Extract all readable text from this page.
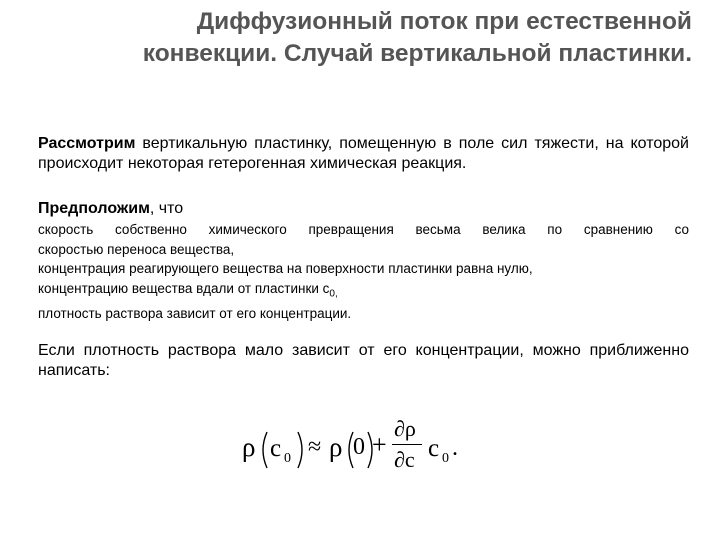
Диффузионный поток при естественной
конвекции. Случай вертикальной пластинки.
Рассмотрим вертикальную пластинку, помещенную в поле сил тяжести, на которой происходит некоторая гетерогенная химическая реакция.
Предположим, что
скорость собственно химического превращения весьма велика по сравнению со
скоростью переноса вещества,
концентрация реагирующего вещества на поверхности пластинки равна нулю,
концентрацию вещества вдали от пластинки $c_{0,}$
плотность раствора зависит от его концентрации.
Если плотность раствора мало зависит от его концентрации, можно приближенно написать:
ρ c 0 ≈ ρ 0 +
∂ρ
∂c c 0 .
